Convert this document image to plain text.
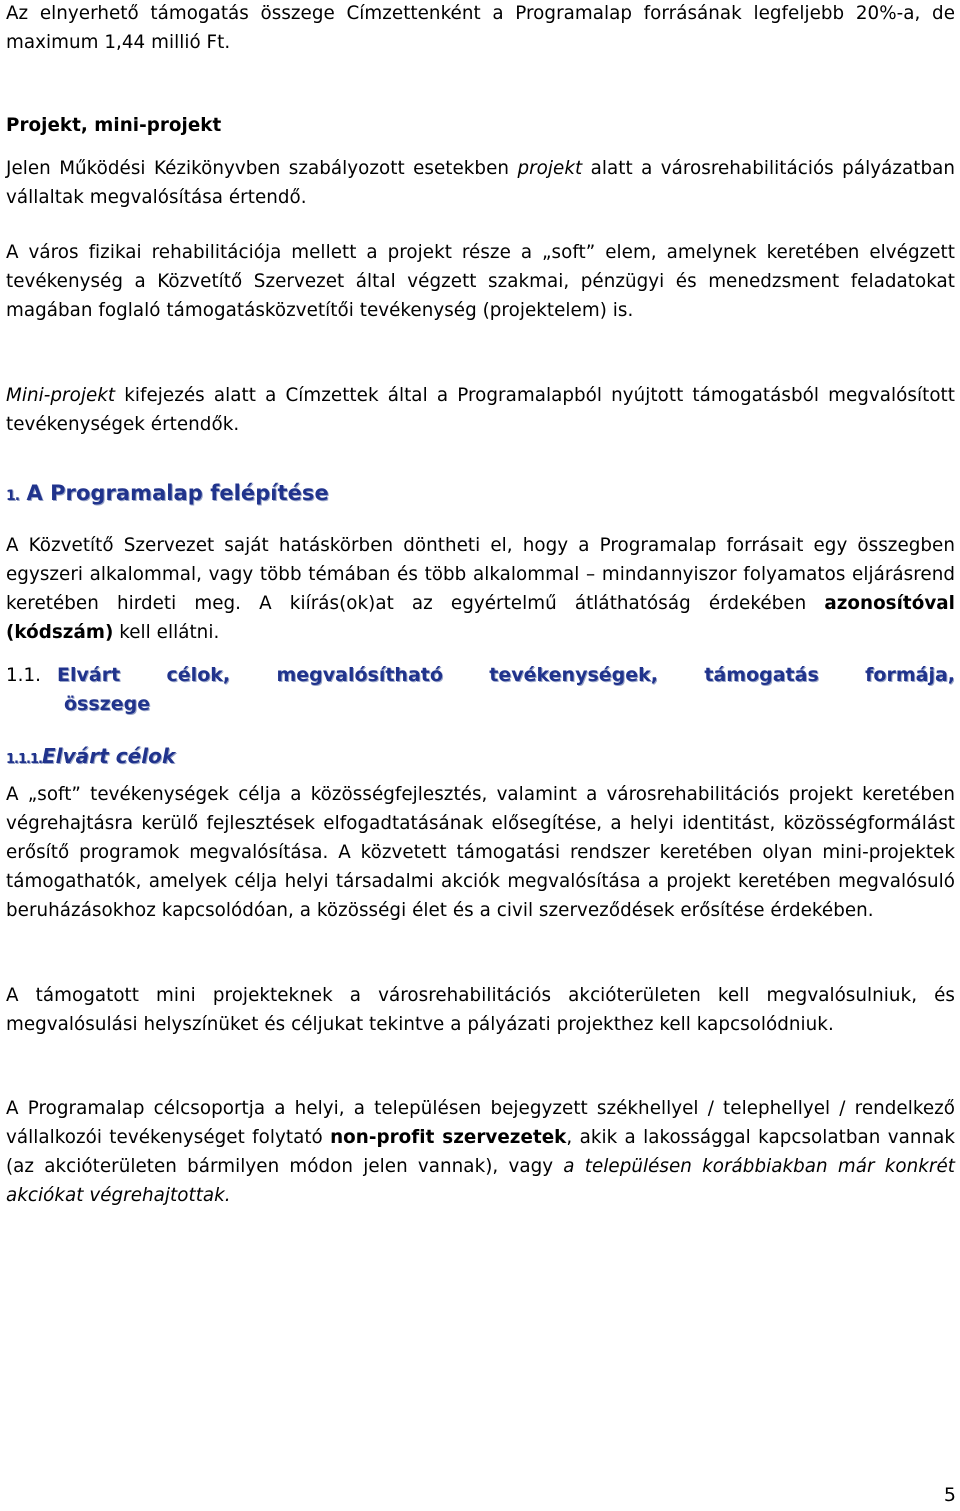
Az elnyerhető támogatás összege Címzettenként a Programalap forrásának legfeljebb 20%-a, de maximum 1,44 millió Ft.

Projekt, mini-projekt

Jelen Működési Kézikönyvben szabályozott esetekben projekt alatt a városrehabilitációs pályázatban vállaltak megvalósítása értendő.

A város fizikai rehabilitációja mellett a projekt része a „soft” elem, amelynek keretében elvégzett tevékenység a Közvetítő Szervezet által végzett szakmai, pénzügyi és menedzsment feladatokat magában foglaló támogatásközvetítői tevékenység (projektelem) is.

Mini-projekt kifejezés alatt a Címzettek által a Programalapból nyújtott támogatásból megvalósított tevékenységek értendők.

1. A Programalap felépítése

A Közvetítő Szervezet saját hatáskörben döntheti el, hogy a Programalap forrásait egy összegben egyszeri alkalommal, vagy több témában és több alkalommal – mindannyiszor folyamatos eljárásrend keretében hirdeti meg. A kiírás(ok)at az egyértelmű átláthatóság érdekében azonosítóval (kódszám) kell ellátni.

1.1. Elvárt célok, megvalósítható tevékenységek, támogatás formája,
összege

1.1.1.Elvárt célok

A „soft” tevékenységek célja a közösségfejlesztés, valamint a városrehabilitációs projekt keretében végrehajtásra kerülő fejlesztések elfogadtatásának elősegítése, a helyi identitást, közösségformálást erősítő programok megvalósítása. A közvetett támogatási rendszer keretében olyan mini-projektek támogathatók, amelyek célja helyi társadalmi akciók megvalósítása a projekt keretében megvalósuló beruházásokhoz kapcsolódóan, a közösségi élet és a civil szerveződések erősítése érdekében.

A támogatott mini projekteknek a városrehabilitációs akcióterületen kell megvalósulniuk, és megvalósulási helyszínüket és céljukat tekintve a pályázati projekthez kell kapcsolódniuk.

A Programalap célcsoportja a helyi, a településen bejegyzett székhellyel / telephellyel / rendelkező vállalkozói tevékenységet folytató non-profit szervezetek, akik a lakossággal kapcsolatban vannak (az akcióterületen bármilyen módon jelen vannak), vagy a településen korábbiakban már konkrét akciókat végrehajtottak.

5
